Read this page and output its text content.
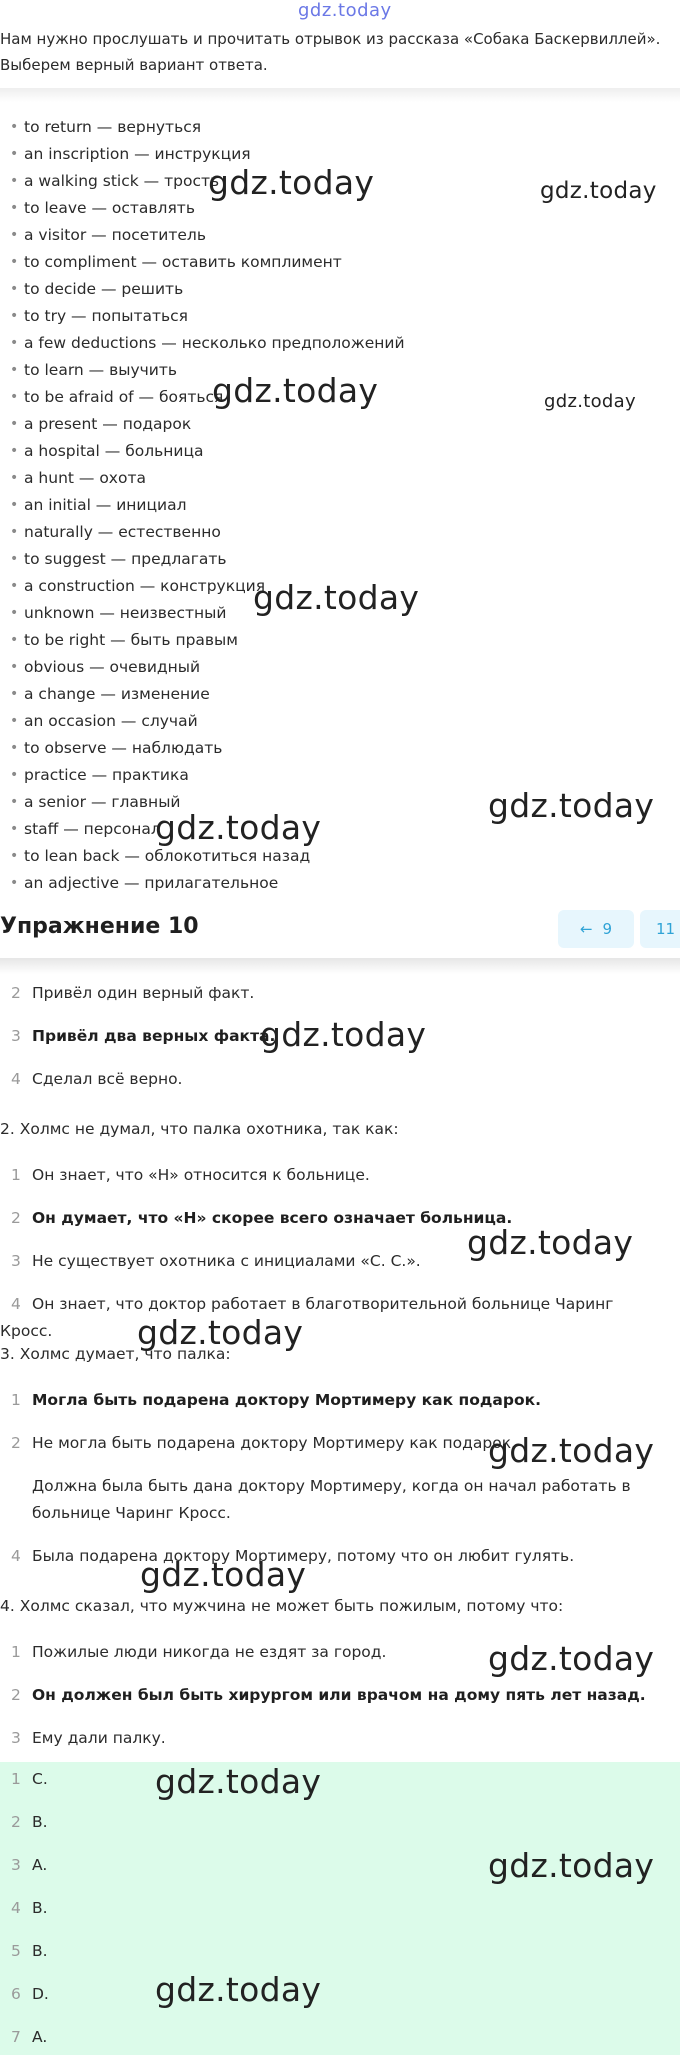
gdz.today
Нам нужно прослушать и прочитать отрывок из рассказа «Собака Баскервиллей». Выберем верный вариант ответа.
• to return — вернуться
• an inscription — инструкция
• a walking stick — трость
• to leave — оставлять
• a visitor — посетитель
• to compliment — оставить комплимент
• to decide — решить
• to try — попытаться
• a few deductions — несколько предположений
• to learn — выучить
• to be afraid of — бояться
• a present — подарок
• a hospital — больница
• a hunt — охота
• an initial — инициал
• naturally — естественно
• to suggest — предлагать
• a construction — конструкция
• unknown — неизвестный
• to be right — быть правым
• obvious — очевидный
• a change — изменение
• an occasion — случай
• to observe — наблюдать
• practice — практика
• a senior — главный
• staff — персонал
• to lean back — облокотиться назад
• an adjective — прилагательное
Упражнение 10	← 9	11
2 Привёл один верный факт.
3 Привёл два верных факта.
4 Сделал всё верно.
2. Холмс не думал, что палка охотника, так как:
1 Он знает, что «Н» относится к больнице.
2 Он думает, что «Н» скорее всего означает больница.
3 Не существует охотника с инициалами «С. С.».
4 Он знает, что доктор работает в благотворительной больнице Чаринг Кросс.
3. Холмс думает, что палка:
1 Могла быть подарена доктору Мортимеру как подарок.
2 Не могла быть подарена доктору Мортимеру как подарок.
Должна была быть дана доктору Мортимеру, когда он начал работать в больнице Чаринг Кросс.
4 Была подарена доктору Мортимеру, потому что он любит гулять.
4. Холмс сказал, что мужчина не может быть пожилым, потому что:
1 Пожилые люди никогда не ездят за город.
2 Он должен был быть хирургом или врачом на дому пять лет назад.
3 Ему дали палку.
1 C.
2 B.
3 A.
4 B.
5 B.
6 D.
7 A.
gdz.today	gdz.today
gdz.today	gdz.today
gdz.today
gdz.today
gdz.today
gdz.today
gdz.today
gdz.today
gdz.today
gdz.today
gdz.today
gdz.today
gdz.today
gdz.today
